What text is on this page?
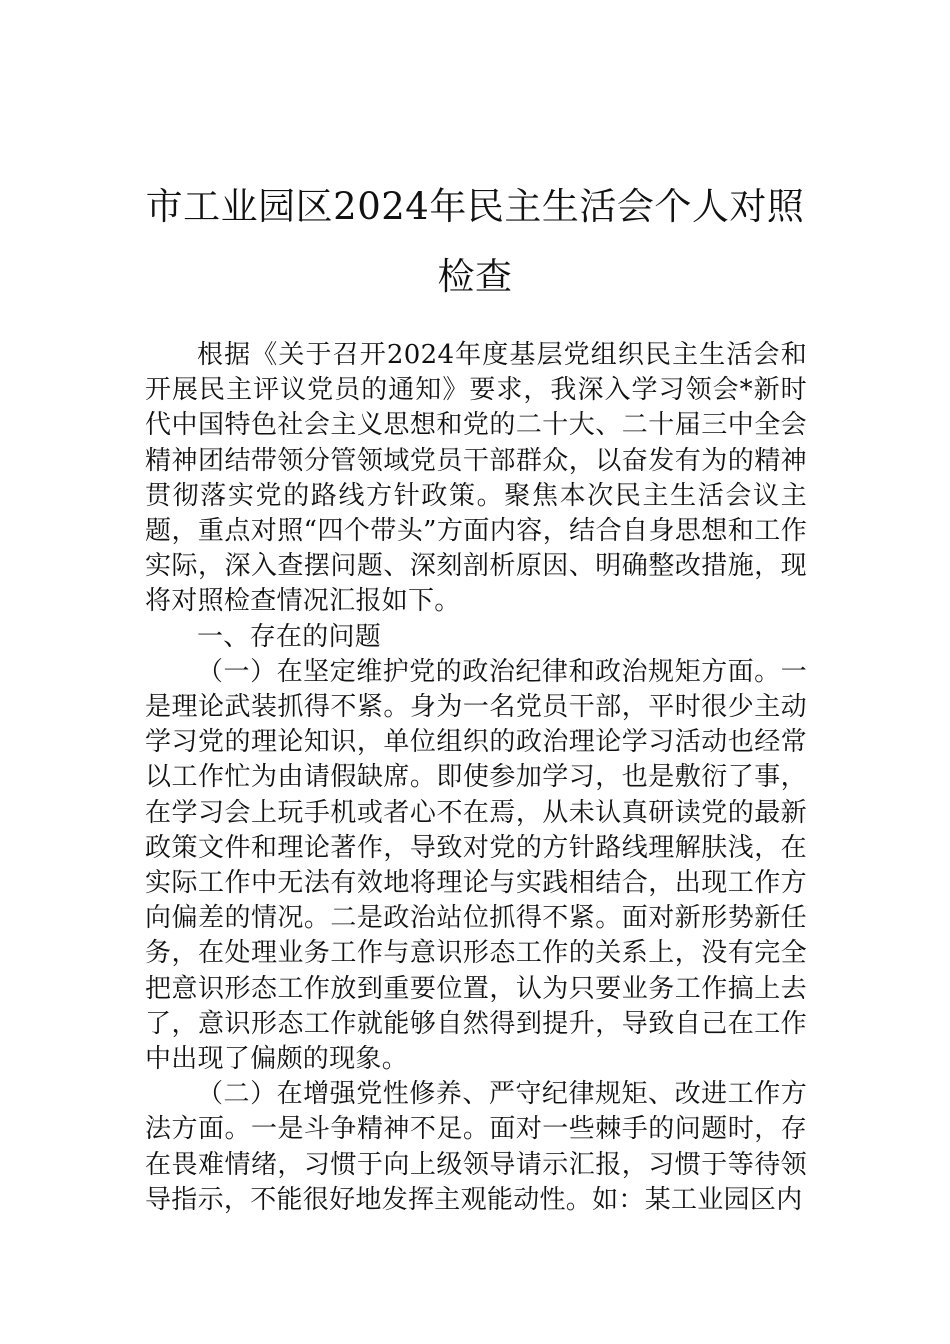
市工业园区2024年民主生活会个人对照检查

根据《关于召开2024年度基层党组织民主生活会和开展民主评议党员的通知》要求，我深入学习领会*新时代中国特色社会主义思想和党的二十大、二十届三中全会精神团结带领分管领域党员干部群众，以奋发有为的精神贯彻落实党的路线方针政策。聚焦本次民主生活会议主题，重点对照“四个带头”方面内容，结合自身思想和工作实际，深入查摆问题、深刻剖析原因、明确整改措施，现将对照检查情况汇报如下。

一、存在的问题

（一）在坚定维护党的政治纪律和政治规矩方面。一是理论武装抓得不紧。身为一名党员干部，平时很少主动学习党的理论知识，单位组织的政治理论学习活动也经常以工作忙为由请假缺席。即使参加学习，也是敷衍了事，在学习会上玩手机或者心不在焉，从未认真研读党的最新政策文件和理论著作，导致对党的方针路线理解肤浅，在实际工作中无法有效地将理论与实践相结合，出现工作方向偏差的情况。二是政治站位抓得不紧。面对新形势新任务，在处理业务工作与意识形态工作的关系上，没有完全把意识形态工作放到重要位置，认为只要业务工作搞上去了，意识形态工作就能够自然得到提升，导致自己在工作中出现了偏颇的现象。

（二）在增强党性修养、严守纪律规矩、改进工作方法方面。一是斗争精神不足。面对一些棘手的问题时，存在畏难情绪，习惯于向上级领导请示汇报，习惯于等待领导指示，不能很好地发挥主观能动性。如：某工业园区内
